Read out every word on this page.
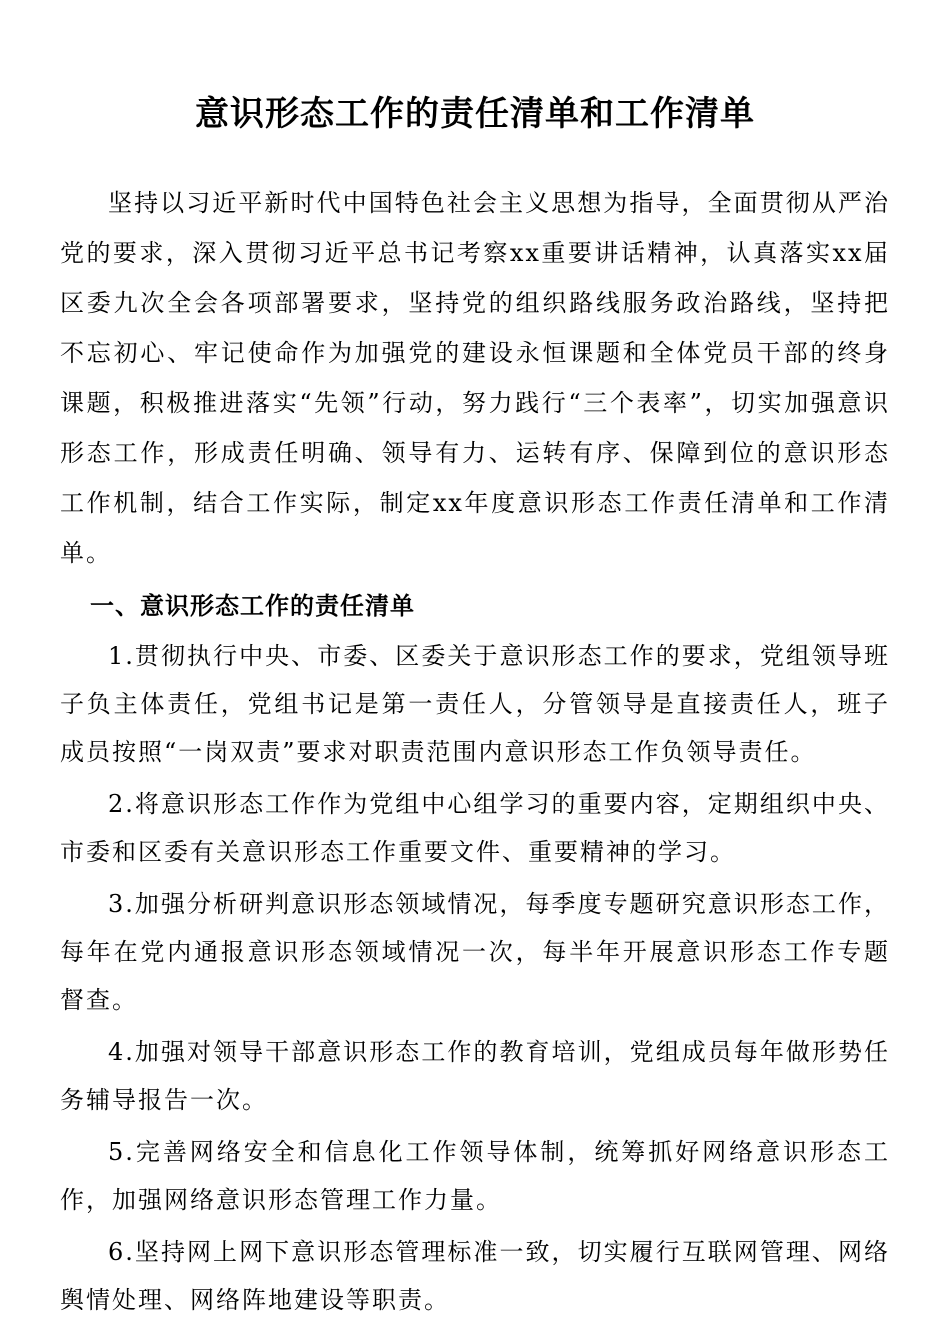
意识形态工作的责任清单和工作清单

坚持以习近平新时代中国特色社会主义思想为指导，全面贯彻从严治党的要求，深入贯彻习近平总书记考察xx重要讲话精神，认真落实xx届区委九次全会各项部署要求，坚持党的组织路线服务政治路线，坚持把不忘初心、牢记使命作为加强党的建设永恒课题和全体党员干部的终身课题，积极推进落实“先领”行动，努力践行“三个表率”，切实加强意识形态工作，形成责任明确、领导有力、运转有序、保障到位的意识形态工作机制，结合工作实际，制定xx年度意识形态工作责任清单和工作清单。

一、意识形态工作的责任清单

1.贯彻执行中央、市委、区委关于意识形态工作的要求，党组领导班子负主体责任，党组书记是第一责任人，分管领导是直接责任人，班子成员按照“一岗双责”要求对职责范围内意识形态工作负领导责任。

2.将意识形态工作作为党组中心组学习的重要内容，定期组织中央、市委和区委有关意识形态工作重要文件、重要精神的学习。

3.加强分析研判意识形态领域情况，每季度专题研究意识形态工作，每年在党内通报意识形态领域情况一次，每半年开展意识形态工作专题督查。

4.加强对领导干部意识形态工作的教育培训，党组成员每年做形势任务辅导报告一次。

5.完善网络安全和信息化工作领导体制，统筹抓好网络意识形态工作，加强网络意识形态管理工作力量。

6.坚持网上网下意识形态管理标准一致，切实履行互联网管理、网络舆情处理、网络阵地建设等职责。
